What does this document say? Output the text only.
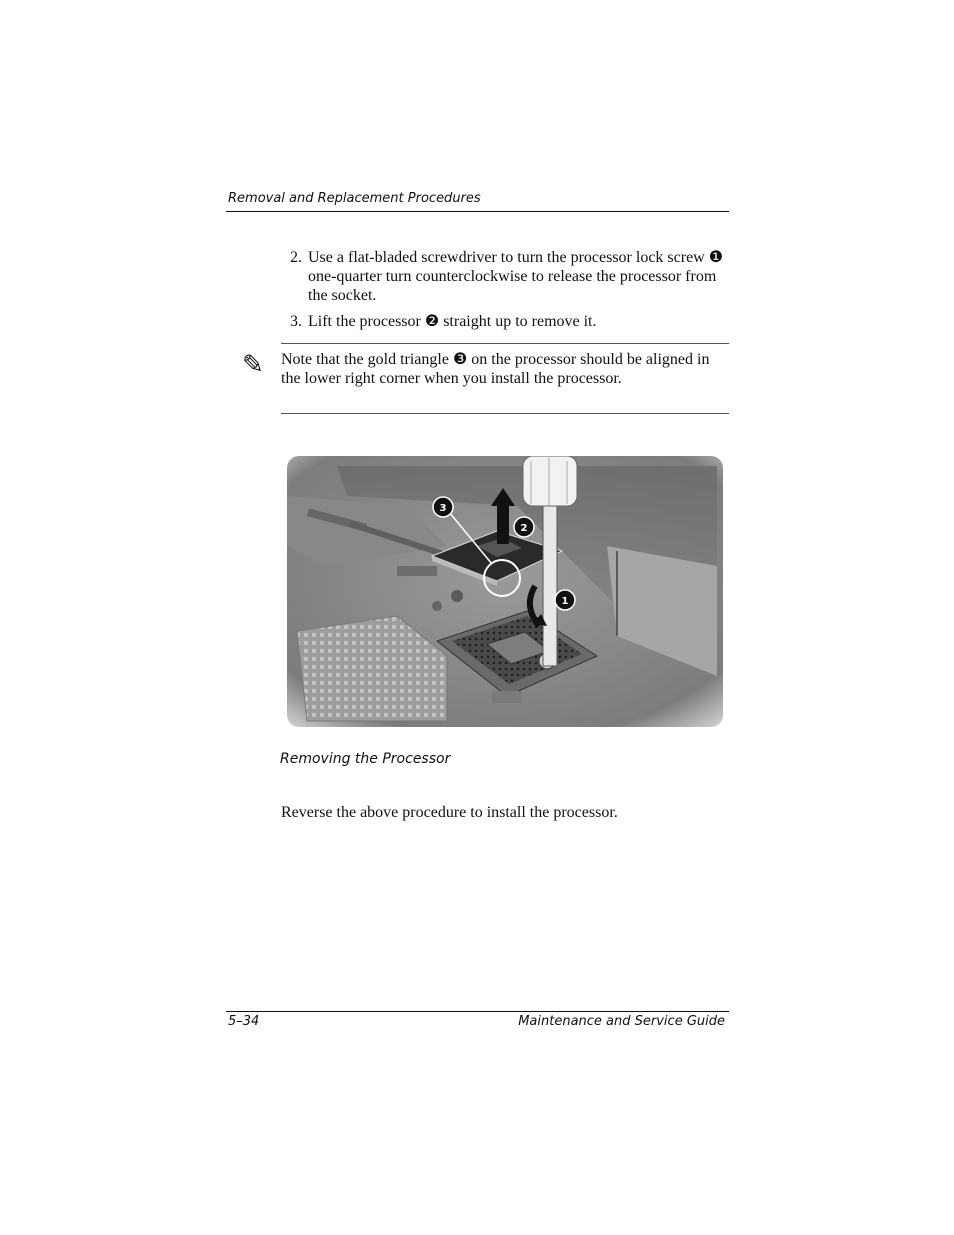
Removal and Replacement Procedures
2. Use a flat-bladed screwdriver to turn the processor lock screw ❶ one-quarter turn counterclockwise to release the processor from the socket.
3. Lift the processor ❷ straight up to remove it.
✎ Note that the gold triangle ❸ on the processor should be aligned in the lower right corner when you install the processor.
3
2
1
Removing the Processor
Reverse the above procedure to install the processor.
5–34	Maintenance and Service Guide
